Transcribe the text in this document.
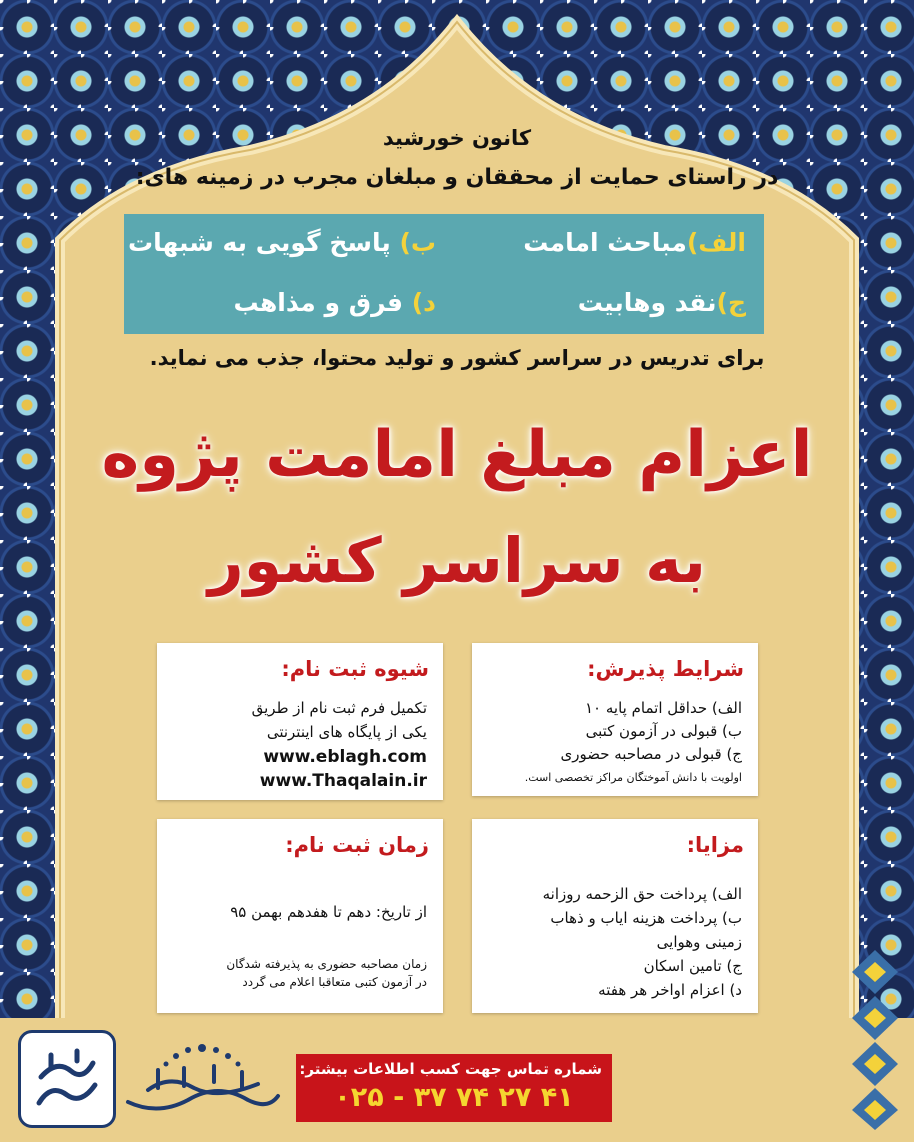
کانون خورشید
در راستای حمایت از محققان و مبلغان مجرب در زمینه های:
الف)مباحث امامت
ب) پاسخ گویی به شبهات
ج)نقد وهابیت
د) فرق و مذاهب
برای تدریس در سراسر کشور و تولید محتوا، جذب می نماید.
اعزام مبلغ امامت پژوه
به سراسر کشور
شرایط پذیرش:
الف) حداقل اتمام پایه ۱۰
ب) قبولی در آزمون کتبی
ج) قبولی در مصاحبه حضوری
اولویت با دانش آموختگان مراکز تخصصی است.
شیوه ثبت نام:
تکمیل فرم ثبت نام از طریق
یکی از پایگاه های اینترنتی
www.eblagh.com
www.Thaqalain.ir
مزایا:
الف) پرداخت حق الزحمه روزانه
ب) پرداخت هزینه ایاب و ذهاب
زمینی وهوایی
ج) تامین اسکان
د) اعزام اواخر هر هفته
زمان ثبت نام:
از تاریخ: دهم تا هفدهم بهمن ۹۵
زمان مصاحبه حضوری به پذیرفته شدگان
در آزمون کتبی متعاقبا اعلام می گردد
شماره تماس جهت کسب اطلاعات بیشتر:
۰۲۵ - ۳۷ ۷۴ ۲۷ ۴۱
